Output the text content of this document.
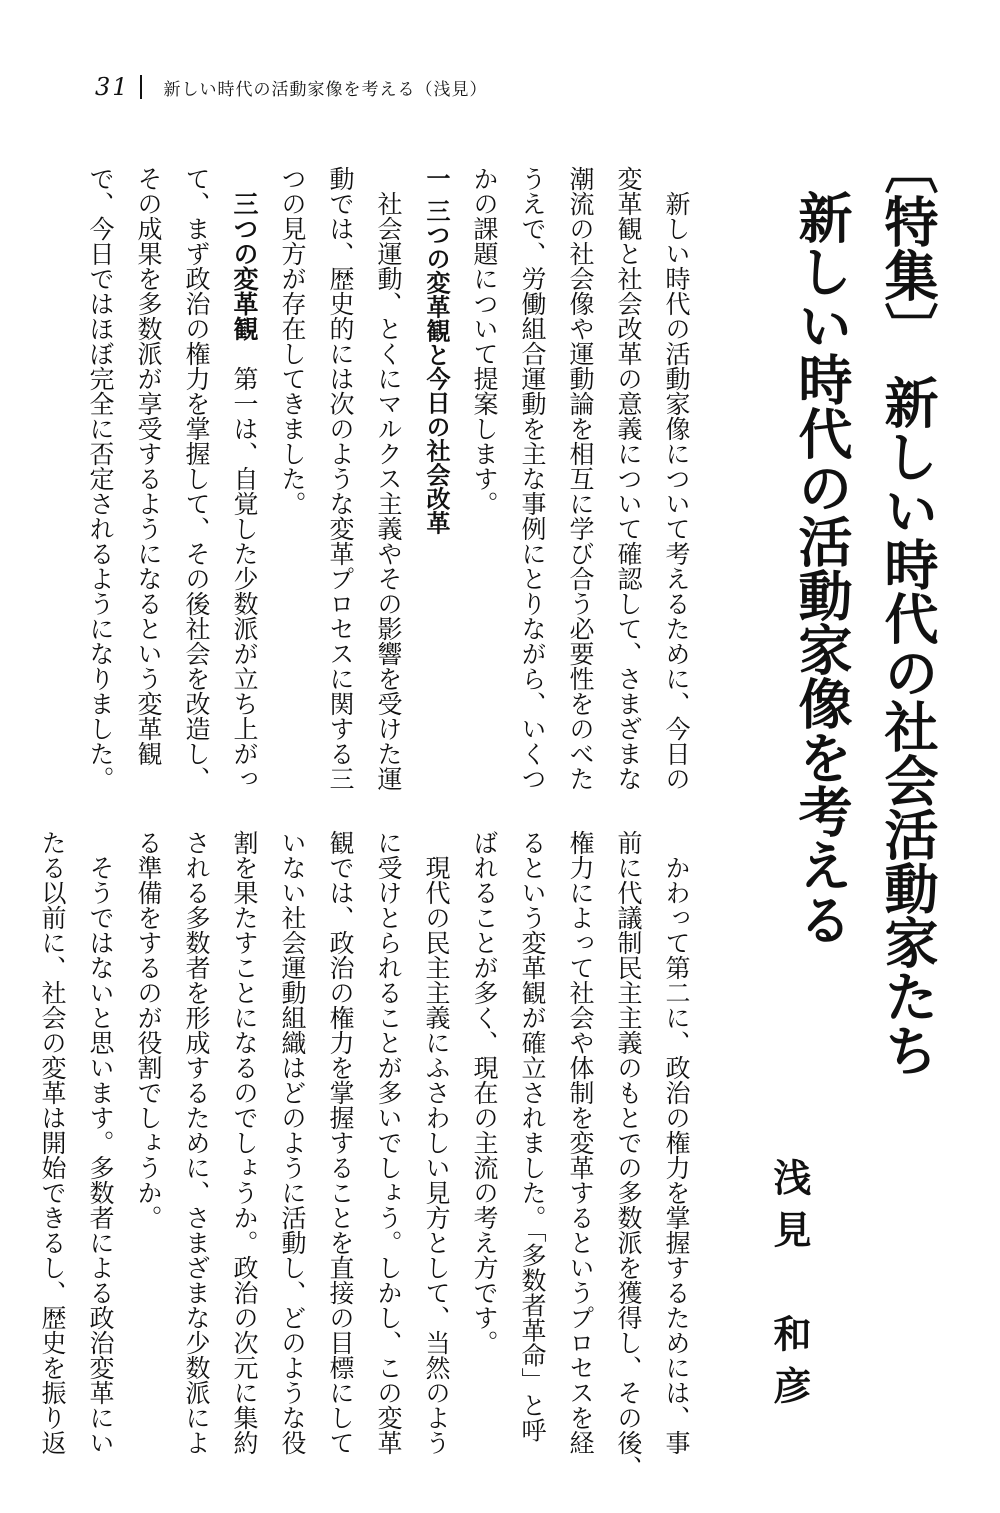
31 新しい時代の活動家像を考える（浅見）
〔特集〕 新しい時代の社会活動家たち
新しい時代の活動家像を考える
浅見　和彦

　新しい時代の活動家像について考えるために、今日の

変革観と社会改革の意義について確認して、さまざまな

潮流の社会像や運動論を相互に学び合う必要性をのべた

うえで、労働組合運動を主な事例にとりながら、いくつ

かの課題について提案します。

一 三つの変革観と今日の社会改革

　社会運動、とくにマルクス主義やその影響を受けた運

動では、歴史的には次のような変革プロセスに関する三

つの見方が存在してきました。

　三つの変革観　第一は、自覚した少数派が立ち上がっ

て、まず政治の権力を掌握して、その後社会を改造し、

その成果を多数派が享受するようになるという変革観

で、今日ではほぼ完全に否定されるようになりました。

　かわって第二に、政治の権力を掌握するためには、事

前に代議制民主主義のもとでの多数派を獲得し、その後、

権力によって社会や体制を変革するというプロセスを経

るという変革観が確立されました。「多数者革命」と呼

ばれることが多く、現在の主流の考え方です。

　現代の民主主義にふさわしい見方として、当然のよう

に受けとられることが多いでしょう。しかし、この変革

観では、政治の権力を掌握することを直接の目標にして

いない社会運動組織はどのように活動し、どのような役

割を果たすことになるのでしょうか。政治の次元に集約

される多数者を形成するために、さまざまな少数派によ

る準備をするのが役割でしょうか。

　そうではないと思います。多数者による政治変革にい

たる以前に、社会の変革は開始できるし、歴史を振り返
